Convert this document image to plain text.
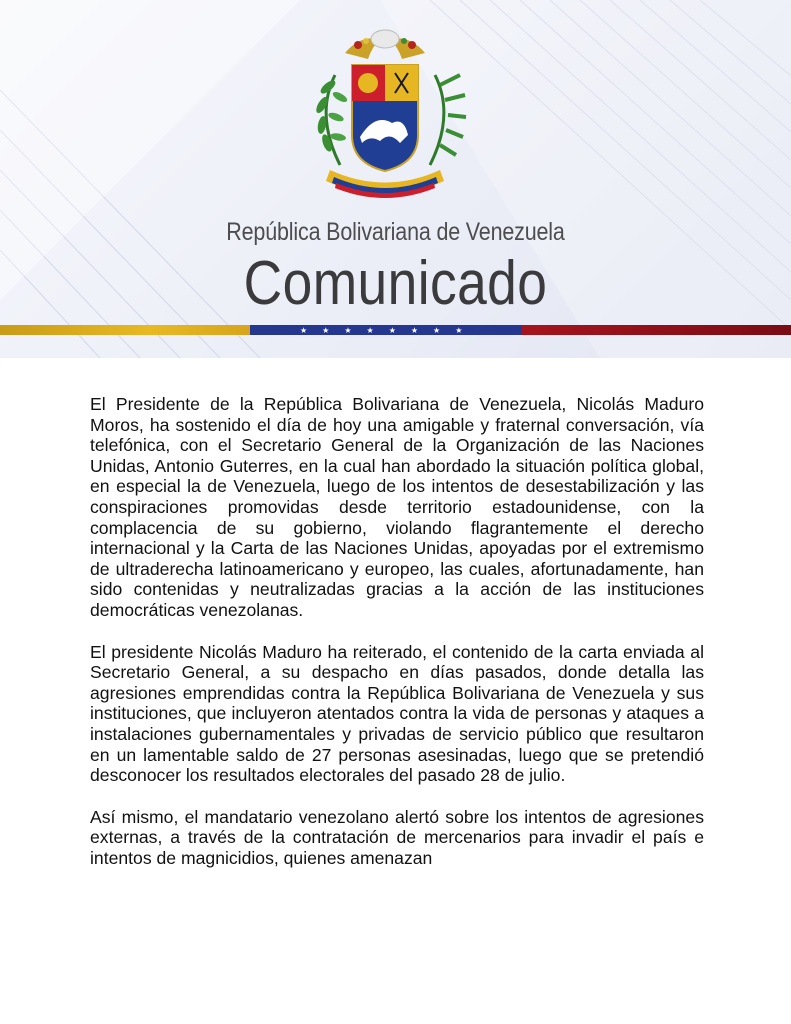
República Bolivariana de Venezuela
Comunicado
★★★★★★★★

El Presidente de la República Bolivariana de Venezuela, Nicolás Maduro Moros, ha sostenido el día de hoy una amigable y fraternal conversación, vía telefónica, con el Secretario General de la Organización de las Naciones Unidas, Antonio Guterres, en la cual han abordado la situación política global, en especial la de Venezuela, luego de los intentos de desestabilización y las conspiraciones promovidas desde territorio estadounidense, con la complacencia de su gobierno, violando flagrantemente el derecho internacional y la Carta de las Naciones Unidas, apoyadas por el extremismo de ultraderecha latinoamericano y europeo, las cuales, afortunadamente, han sido contenidas y neutralizadas gracias a la acción de las instituciones democráticas venezolanas.

El presidente Nicolás Maduro ha reiterado, el contenido de la carta enviada al Secretario General, a su despacho en días pasados, donde detalla las agresiones emprendidas contra la República Bolivariana de Venezuela y sus instituciones, que incluyeron atentados contra la vida de personas y ataques a instalaciones gubernamentales y privadas de servicio público que resultaron en un lamentable saldo de 27 personas asesinadas, luego que se pretendió desconocer los resultados electorales del pasado 28 de julio.

Así mismo, el mandatario venezolano alertó sobre los intentos de agresiones externas, a través de la contratación de mercenarios para invadir el país e intentos de magnicidios, quienes amenazan
